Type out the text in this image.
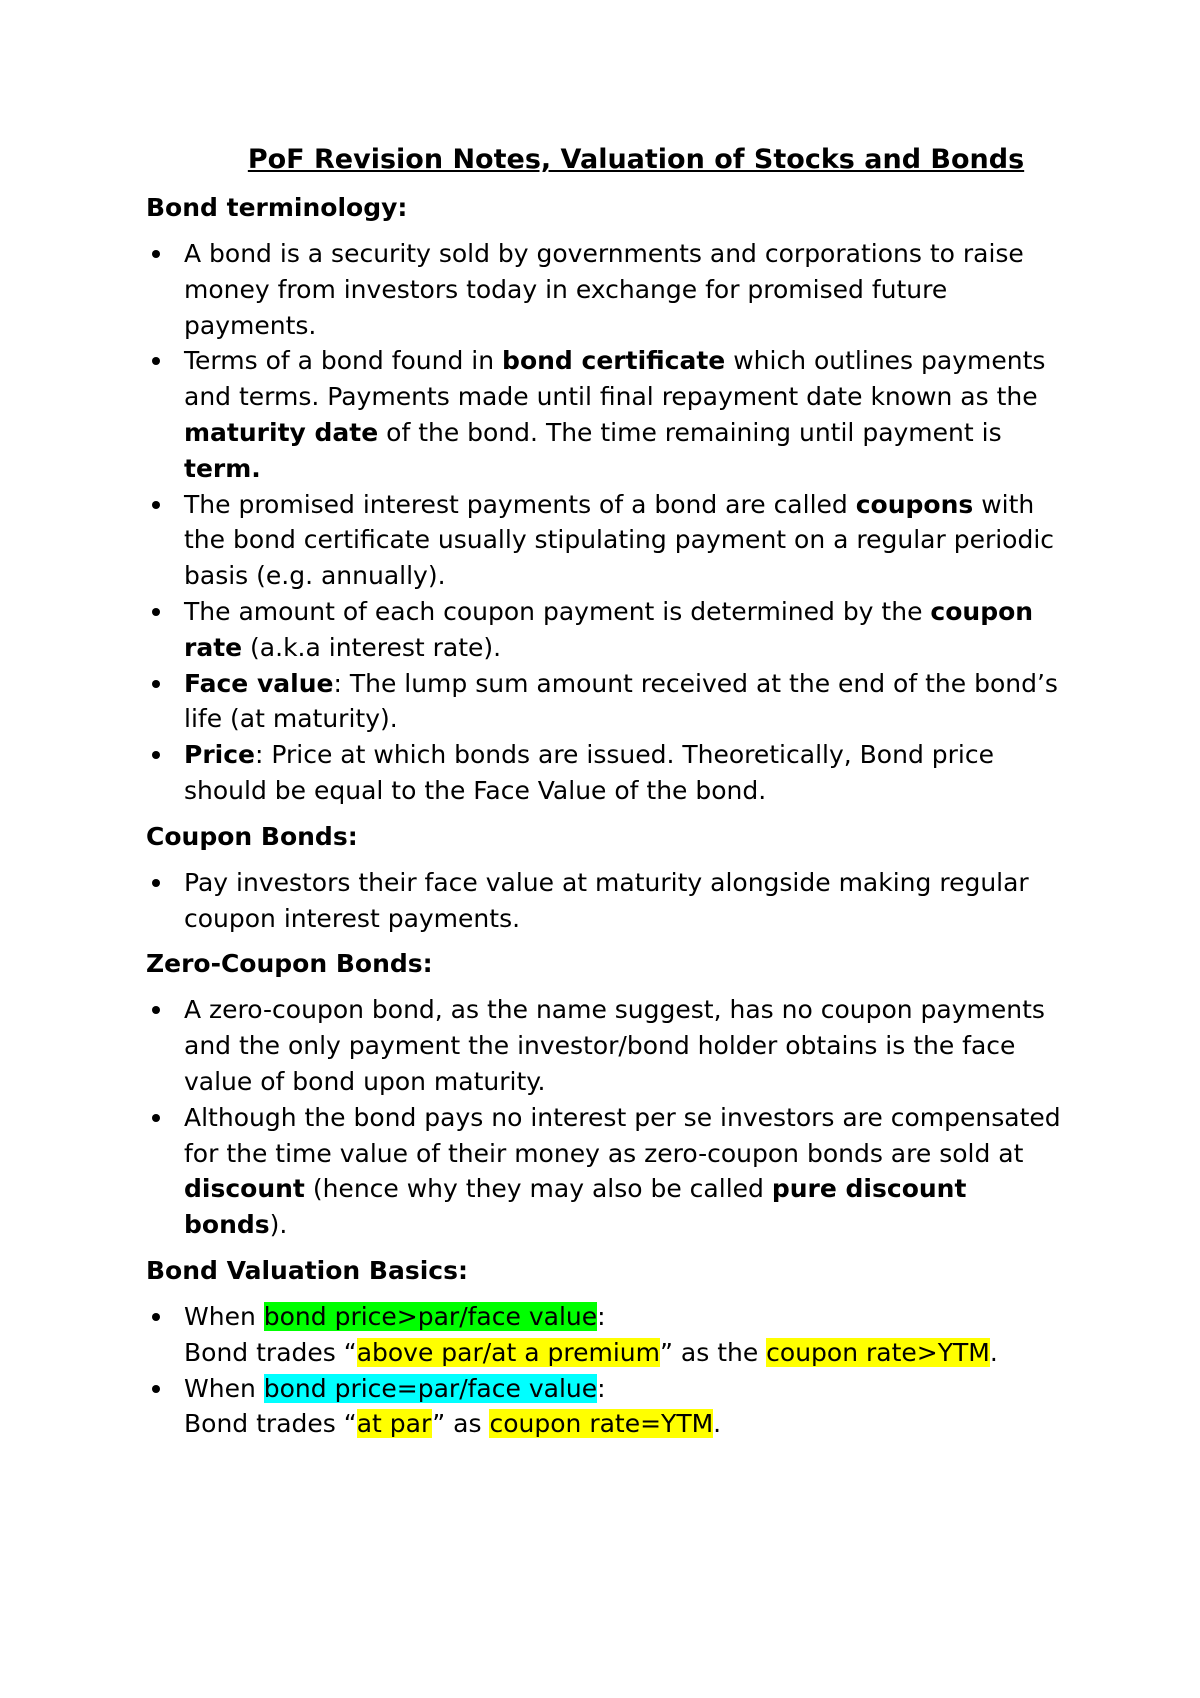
PoF Revision Notes, Valuation of Stocks and Bonds
Bond terminology:
A bond is a security sold by governments and corporations to raise money from investors today in exchange for promised future payments.
Terms of a bond found in bond certificate which outlines payments and terms. Payments made until final repayment date known as the maturity date of the bond. The time remaining until payment is term.
The promised interest payments of a bond are called coupons with the bond certificate usually stipulating payment on a regular periodic basis (e.g. annually).
The amount of each coupon payment is determined by the coupon rate (a.k.a interest rate).
Face value: The lump sum amount received at the end of the bond’s life (at maturity).
Price: Price at which bonds are issued. Theoretically, Bond price should be equal to the Face Value of the bond.
Coupon Bonds:
Pay investors their face value at maturity alongside making regular coupon interest payments.
Zero-Coupon Bonds:
A zero-coupon bond, as the name suggest, has no coupon payments and the only payment the investor/bond holder obtains is the face value of bond upon maturity.
Although the bond pays no interest per se investors are compensated for the time value of their money as zero-coupon bonds are sold at discount (hence why they may also be called pure discount bonds).
Bond Valuation Basics:
When bond price>par/face value:
Bond trades “above par/at a premium” as the coupon rate>YTM.
When bond price=par/face value:
Bond trades “at par” as coupon rate=YTM.
